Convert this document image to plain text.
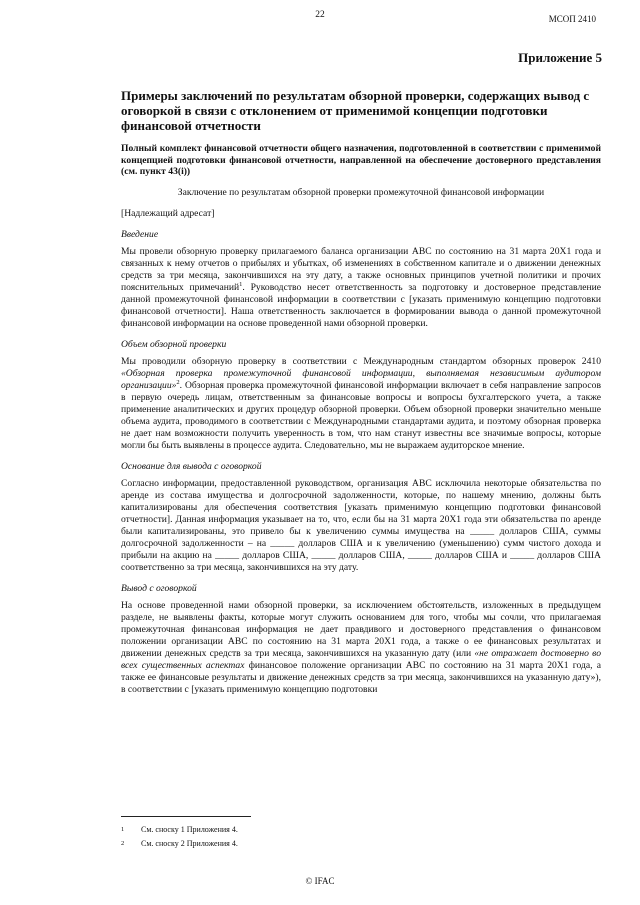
22	МСОП 2410
Приложение 5
Примеры заключений по результатам обзорной проверки, содержащих вывод с оговоркой в связи с отклонением от применимой концепции подготовки финансовой отчетности
Полный комплект финансовой отчетности общего назначения, подготовленной в соответствии с применимой концепцией подготовки финансовой отчетности, направленной на обеспечение достоверного представления (см. пункт 43(i))
Заключение по результатам обзорной проверки промежуточной финансовой информации
[Надлежащий адресат]
Введение
Мы провели обзорную проверку прилагаемого баланса организации ABC по состоянию на 31 марта 20X1 года и связанных к нему отчетов о прибылях и убытках, об изменениях в собственном капитале и о движении денежных средств за три месяца, закончившихся на эту дату, а также основных принципов учетной политики и прочих пояснительных примечаний$^1$. Руководство несет ответственность за подготовку и достоверное представление данной промежуточной финансовой информации в соответствии с [указать применимую концепцию подготовки финансовой отчетности]. Наша ответственность заключается в формировании вывода о данной промежуточной финансовой информации на основе проведенной нами обзорной проверки.
Объем обзорной проверки
Мы проводили обзорную проверку в соответствии с Международным стандартом обзорных проверок 2410 «Обзорная проверка промежуточной финансовой информации, выполняемая независимым аудитором организации»$^2$. Обзорная проверка промежуточной финансовой информации включает в себя направление запросов в первую очередь лицам, ответственным за финансовые вопросы и вопросы бухгалтерского учета, а также применение аналитических и других процедур обзорной проверки. Объем обзорной проверки значительно меньше объема аудита, проводимого в соответствии с Международными стандартами аудита, и поэтому обзорная проверка не дает нам возможности получить уверенность в том, что нам станут известны все значимые вопросы, которые могли бы быть выявлены в процессе аудита. Следовательно, мы не выражаем аудиторское мнение.
Основание для вывода с оговоркой
Согласно информации, предоставленной руководством, организация ABC исключила некоторые обязательства по аренде из состава имущества и долгосрочной задолженности, которые, по нашему мнению, должны быть капитализированы для обеспечения соответствия [указать применимую концепцию подготовки финансовой отчетности]. Данная информация указывает на то, что, если бы на 31 марта 20X1 года эти обязательства по аренде были капитализированы, это привело бы к увеличению суммы имущества на _____ долларов США, суммы долгосрочной задолженности – на _____ долларов США и к увеличению (уменьшению) сумм чистого дохода и прибыли на акцию на _____ долларов США, _____ долларов США, _____ долларов США и _____ долларов США соответственно за три месяца, закончившихся на эту дату.
Вывод с оговоркой
На основе проведенной нами обзорной проверки, за исключением обстоятельств, изложенных в предыдущем разделе, не выявлены факты, которые могут служить основанием для того, чтобы мы сочли, что прилагаемая промежуточная финансовая информация не дает правдивого и достоверного представления о финансовом положении организации ABC по состоянию на 31 марта 20X1 года, а также о ее финансовых результатах и движении денежных средств за три месяца, закончившихся на указанную дату (или «не отражает достоверно во всех существенных аспектах финансовое положение организации ABC по состоянию на 31 марта 20X1 года, а также ее финансовые результаты и движение денежных средств за три месяца, закончившихся на указанную дату»), в соответствии с [указать применимую концепцию подготовки
1	См. сноску 1 Приложения 4.
2	См. сноску 2 Приложения 4.
© IFAC
